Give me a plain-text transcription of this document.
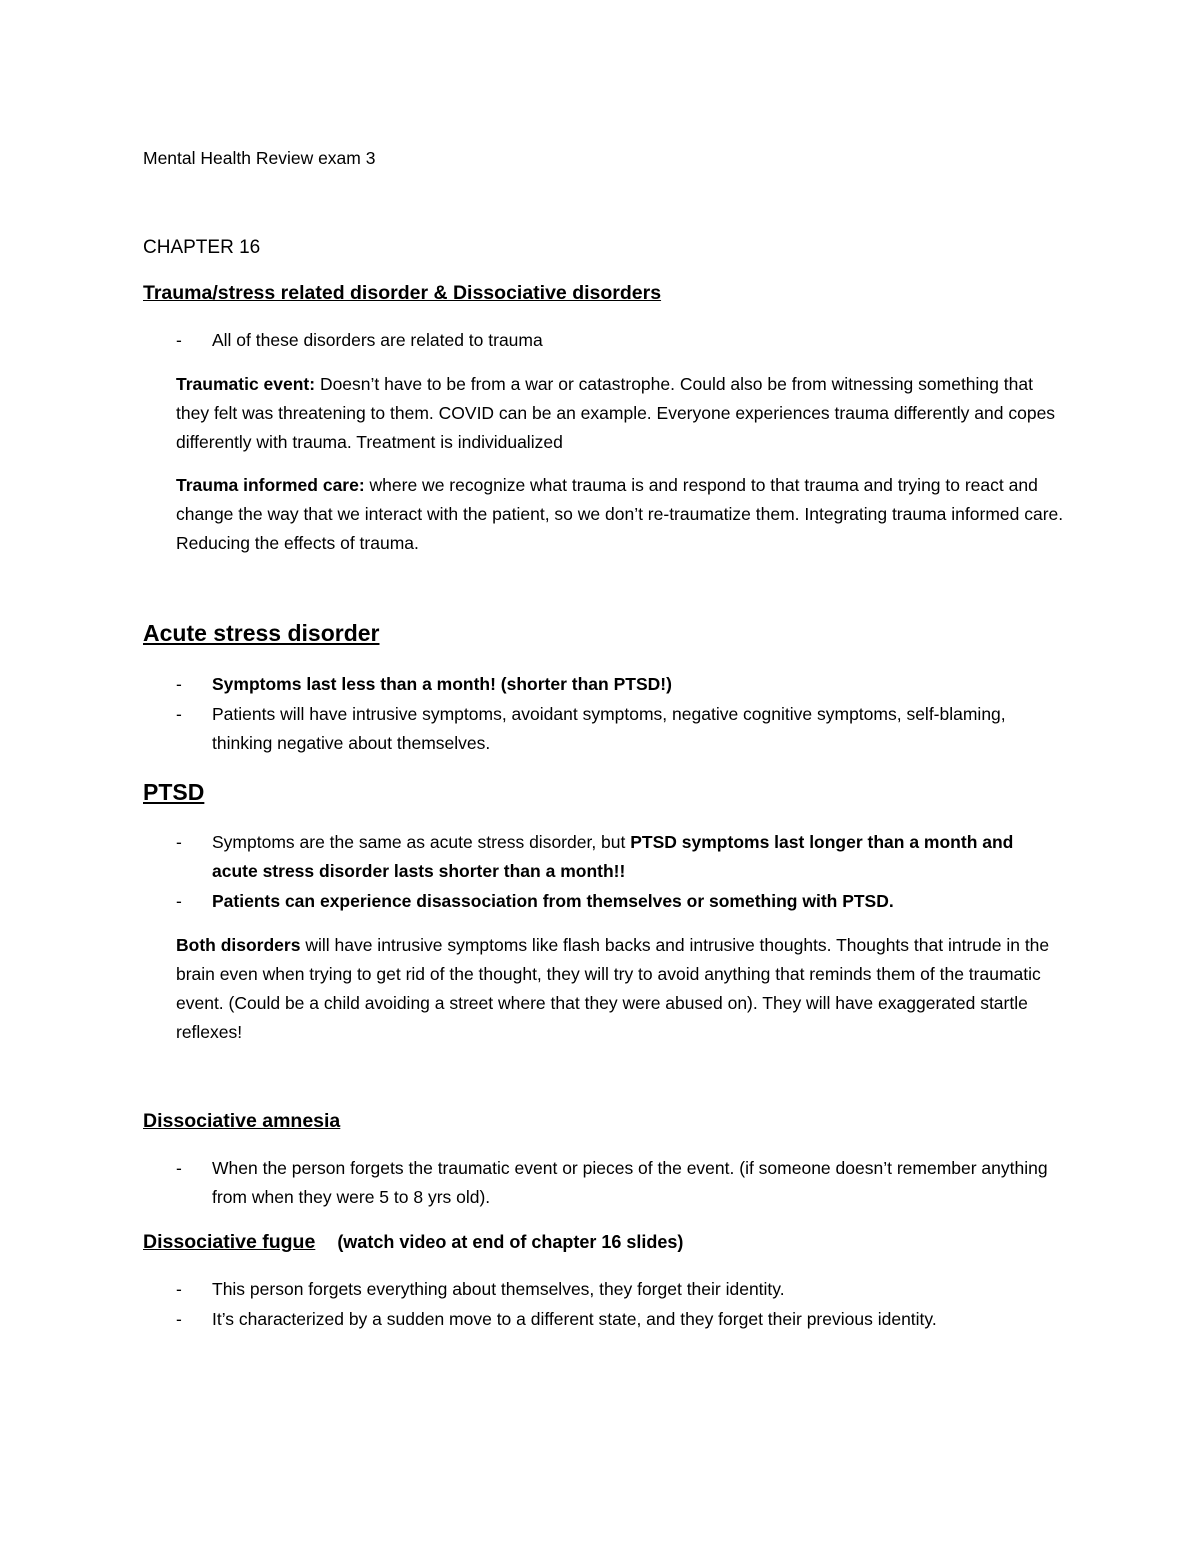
Mental Health Review exam 3
CHAPTER 16
Trauma/stress related disorder & Dissociative disorders
-	All of these disorders are related to trauma
Traumatic event: Doesn’t have to be from a war or catastrophe. Could also be from witnessing something that they felt was threatening to them. COVID can be an example. Everyone experiences trauma differently and copes differently with trauma. Treatment is individualized
Trauma informed care: where we recognize what trauma is and respond to that trauma and trying to react and change the way that we interact with the patient, so we don’t re-traumatize them. Integrating trauma informed care. Reducing the effects of trauma.
Acute stress disorder
-	Symptoms last less than a month! (shorter than PTSD!)
-	Patients will have intrusive symptoms, avoidant symptoms, negative cognitive symptoms, self-blaming, thinking negative about themselves.
PTSD
-	Symptoms are the same as acute stress disorder, but PTSD symptoms last longer than a month and acute stress disorder lasts shorter than a month!!
-	Patients can experience disassociation from themselves or something with PTSD.
Both disorders will have intrusive symptoms like flash backs and intrusive thoughts. Thoughts that intrude in the brain even when trying to get rid of the thought, they will try to avoid anything that reminds them of the traumatic event. (Could be a child avoiding a street where that they were abused on). They will have exaggerated startle reflexes!
Dissociative amnesia
-	When the person forgets the traumatic event or pieces of the event. (if someone doesn’t remember anything from when they were 5 to 8 yrs old).
Dissociative fugue (watch video at end of chapter 16 slides)
-	This person forgets everything about themselves, they forget their identity.
-	It’s characterized by a sudden move to a different state, and they forget their previous identity.
